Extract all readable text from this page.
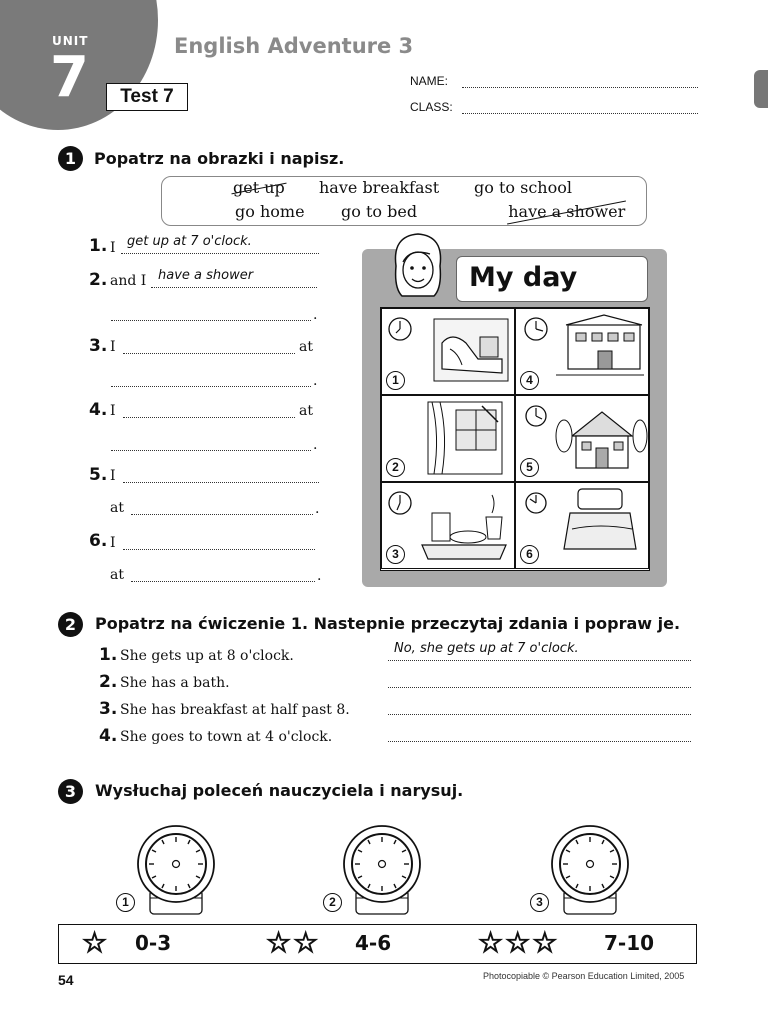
UNIT
7	English Adventure 3
Test 7
NAME:
CLASS:
1	Popatrz na obrazki i napisz.
get up have breakfast go to school
go home go to bed	have a shower
1. I get up at 7 o'clock.
2. and I have a shower
.
3. I	at
.
4. I	at
.
5. I
at	.
6. I
at	.
My day
1	4
2	5
3	6
2	Popatrz na ćwiczenie 1. Nastepnie przeczytaj zdania i popraw je.
1. She gets up at 8 o'clock.	No, she gets up at 7 o'clock.
2. She has a bath.
3. She has breakfast at half past 8.
4. She goes to town at 4 o'clock.
3	Wysłuchaj poleceń nauczyciela i narysuj.
1	2	3
☆ 0-3	☆☆ 4-6	☆☆☆ 7-10
54	Photocopiable © Pearson Education Limited, 2005
